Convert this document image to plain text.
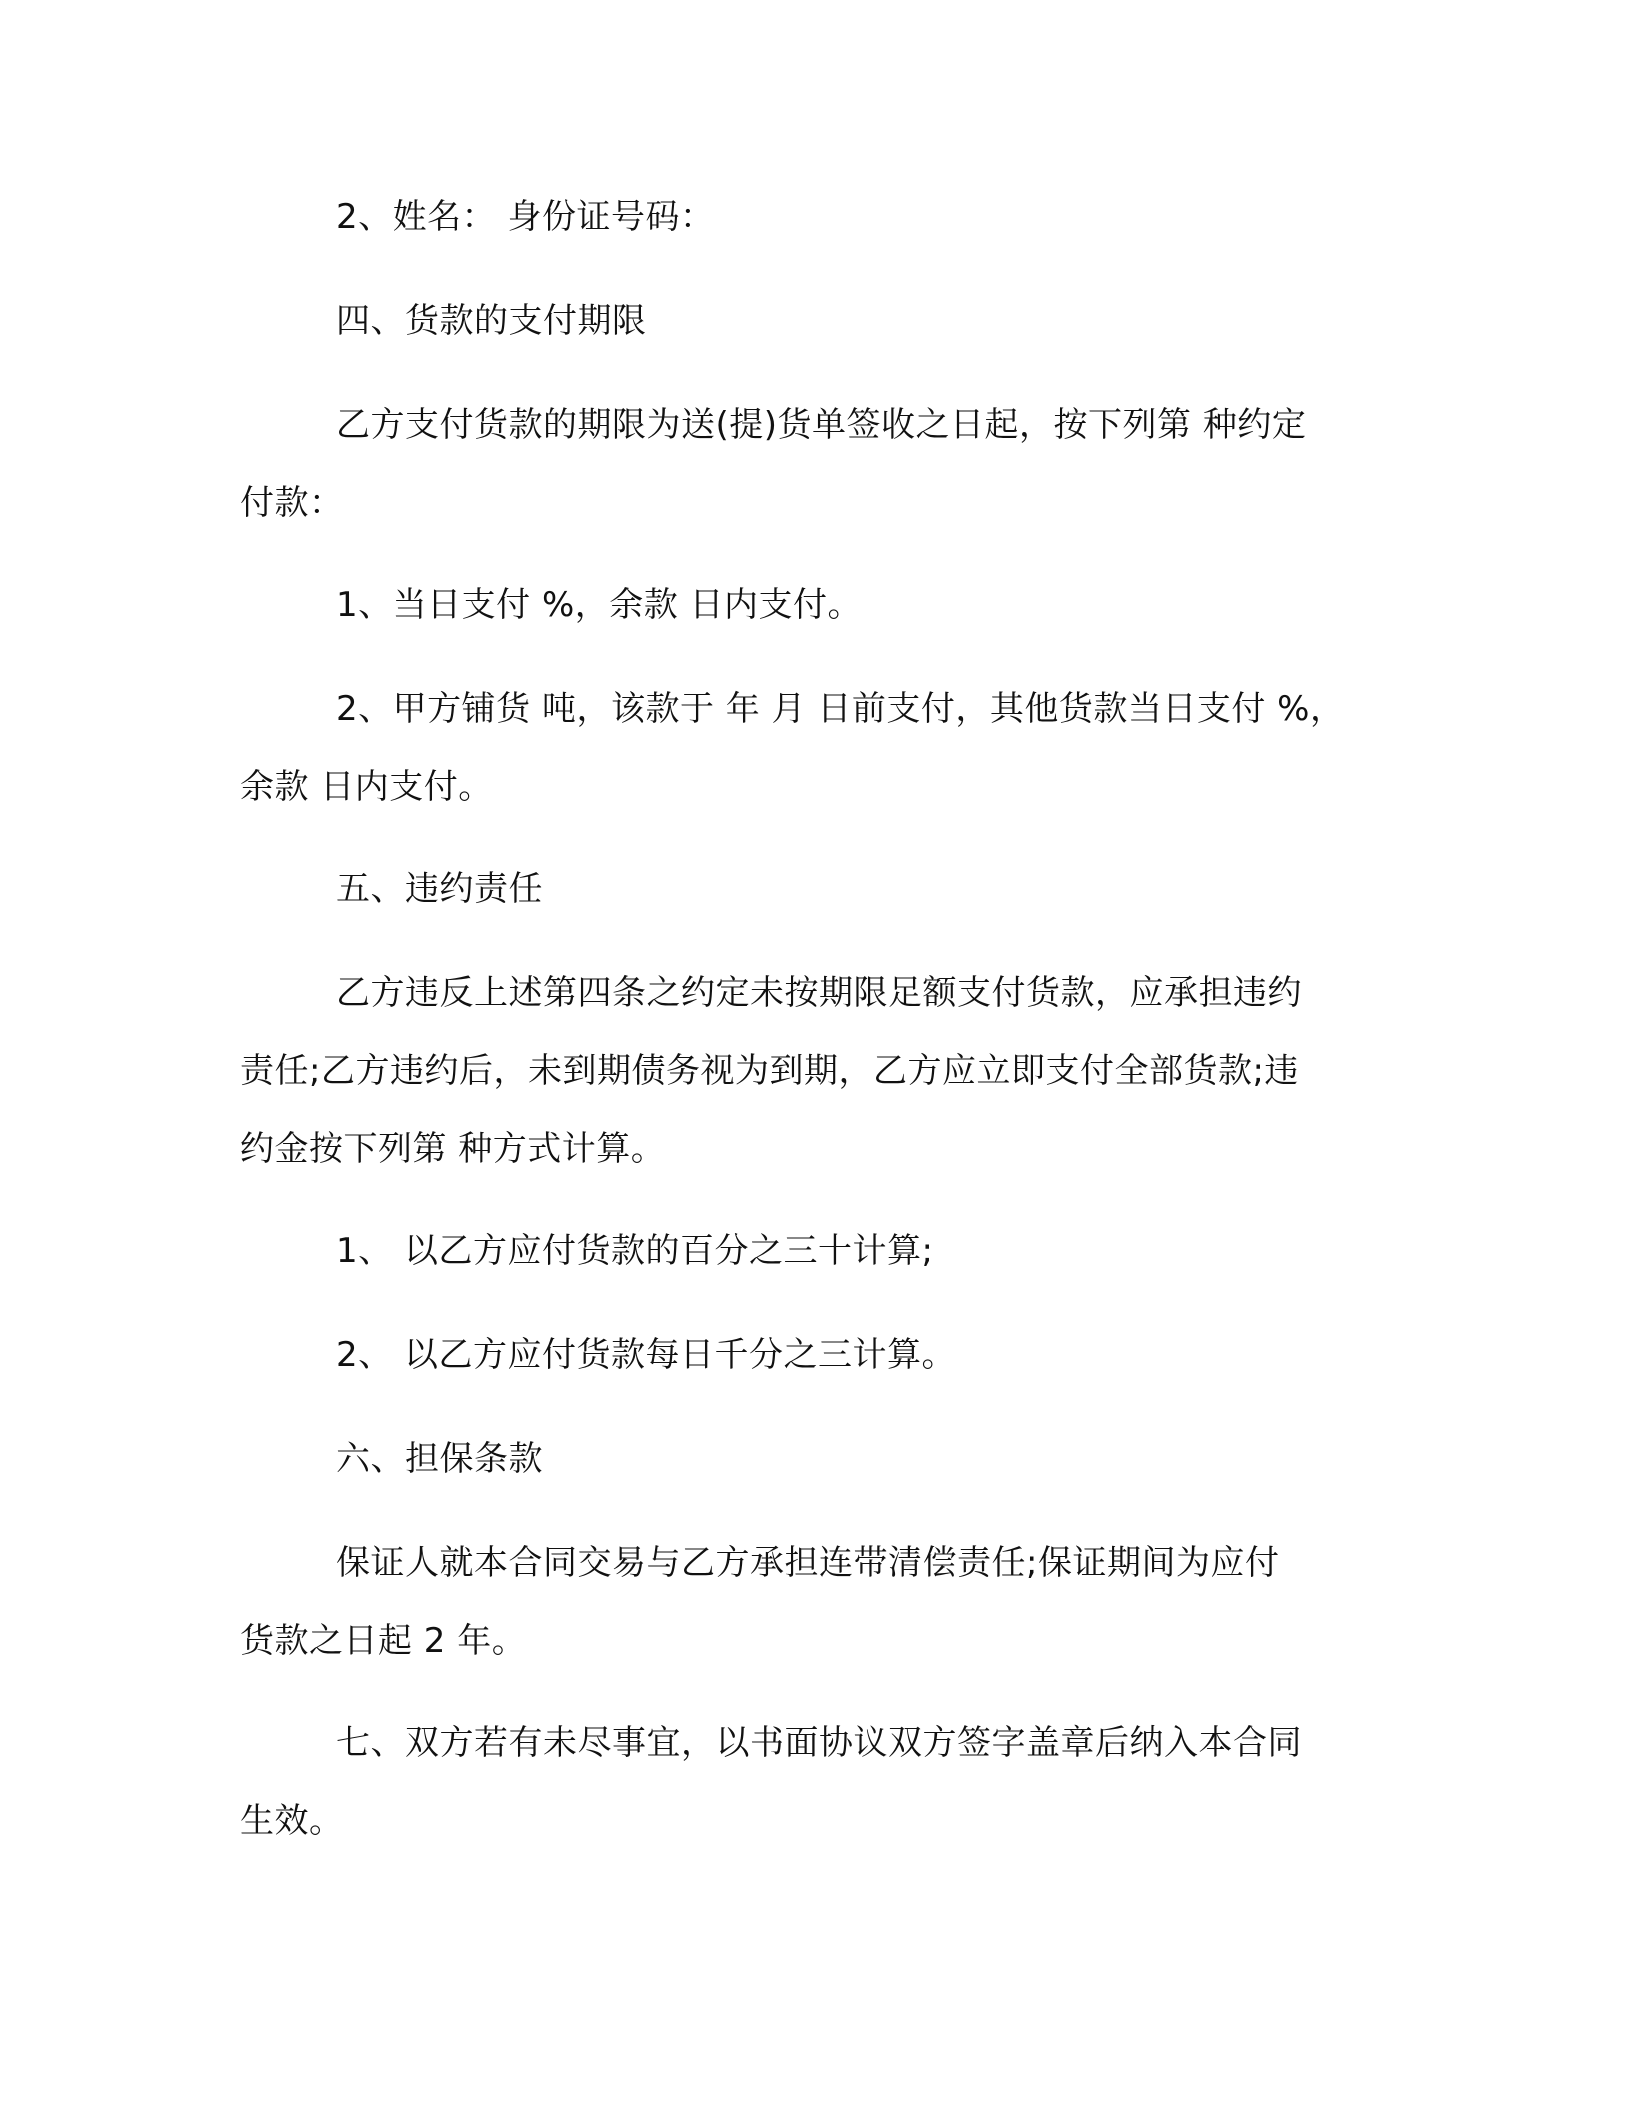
2、姓名： 身份证号码：
四、货款的支付期限
乙方支付货款的期限为送(提)货单签收之日起，按下列第 种约定
付款：
1、当日支付 %，余款 日内支付。
2、甲方铺货 吨，该款于 年 月 日前支付，其他货款当日支付 %，
余款 日内支付。
五、违约责任
乙方违反上述第四条之约定未按期限足额支付货款，应承担违约
责任;乙方违约后，未到期债务视为到期，乙方应立即支付全部货款;违
约金按下列第 种方式计算。
1、 以乙方应付货款的百分之三十计算;
2、 以乙方应付货款每日千分之三计算。
六、担保条款
保证人就本合同交易与乙方承担连带清偿责任;保证期间为应付
货款之日起 2 年。
七、双方若有未尽事宜，以书面协议双方签字盖章后纳入本合同
生效。
